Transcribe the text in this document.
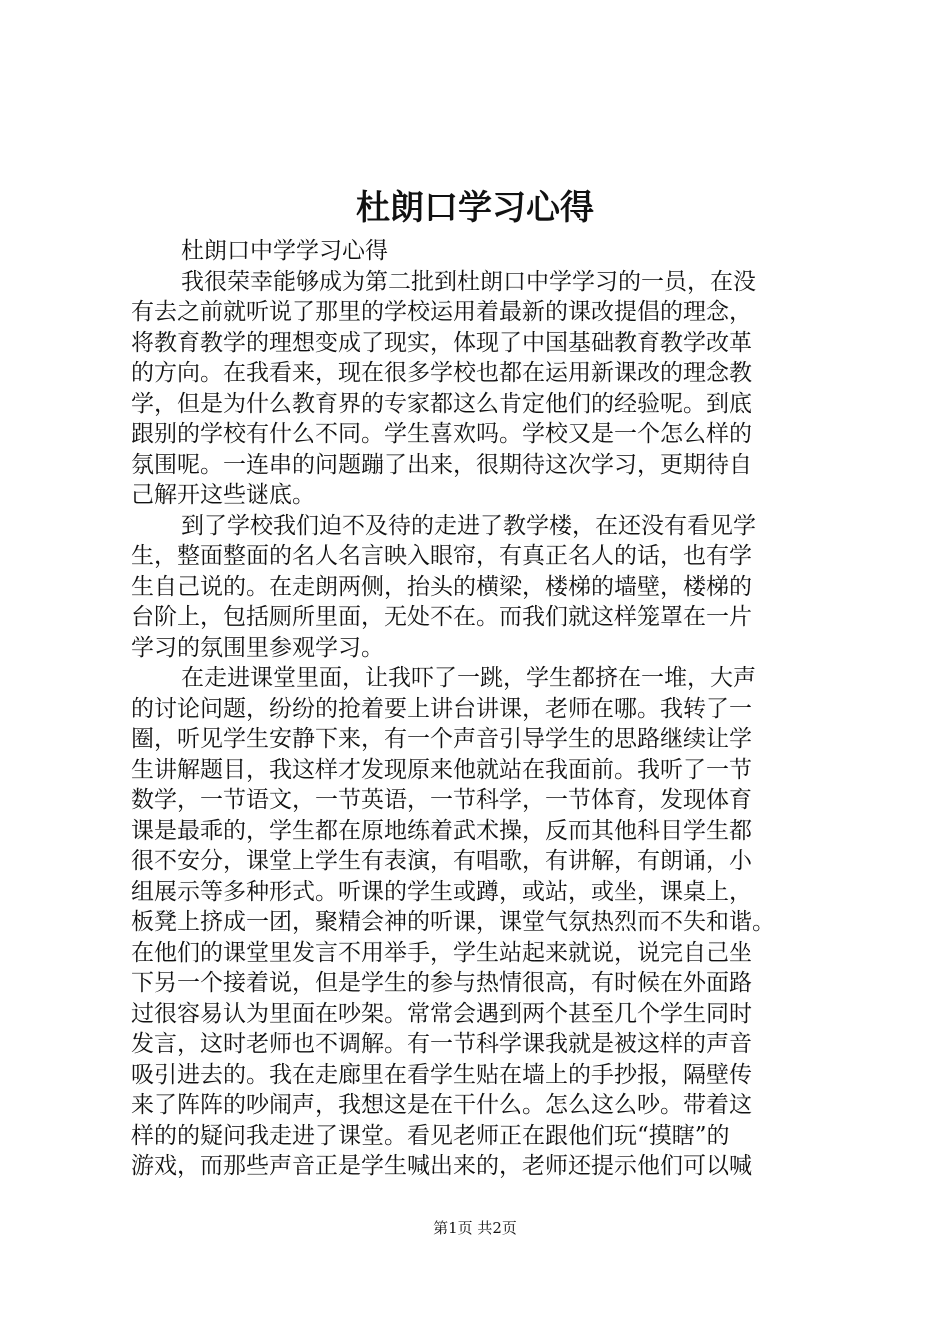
杜朗口学习心得
杜朗口中学学习心得
我很荣幸能够成为第二批到杜朗口中学学习的一员，在没
有去之前就听说了那里的学校运用着最新的课改提倡的理念，
将教育教学的理想变成了现实，体现了中国基础教育教学改革
的方向。在我看来，现在很多学校也都在运用新课改的理念教
学，但是为什么教育界的专家都这么肯定他们的经验呢。到底
跟别的学校有什么不同。学生喜欢吗。学校又是一个怎么样的
氛围呢。一连串的问题蹦了出来，很期待这次学习，更期待自
己解开这些谜底。
到了学校我们迫不及待的走进了教学楼，在还没有看见学
生，整面整面的名人名言映入眼帘，有真正名人的话，也有学
生自己说的。在走朗两侧，抬头的横梁，楼梯的墙壁，楼梯的
台阶上，包括厕所里面，无处不在。而我们就这样笼罩在一片
学习的氛围里参观学习。
在走进课堂里面，让我吓了一跳，学生都挤在一堆，大声
的讨论问题，纷纷的抢着要上讲台讲课，老师在哪。我转了一
圈，听见学生安静下来，有一个声音引导学生的思路继续让学
生讲解题目，我这样才发现原来他就站在我面前。我听了一节
数学，一节语文，一节英语，一节科学，一节体育，发现体育
课是最乖的，学生都在原地练着武术操，反而其他科目学生都
很不安分，课堂上学生有表演，有唱歌，有讲解，有朗诵，小
组展示等多种形式。听课的学生或蹲，或站，或坐，课桌上，
板凳上挤成一团，聚精会神的听课，课堂气氛热烈而不失和谐。
在他们的课堂里发言不用举手，学生站起来就说，说完自己坐
下另一个接着说，但是学生的参与热情很高，有时候在外面路
过很容易认为里面在吵架。常常会遇到两个甚至几个学生同时
发言，这时老师也不调解。有一节科学课我就是被这样的声音
吸引进去的。我在走廊里在看学生贴在墙上的手抄报，隔壁传
来了阵阵的吵闹声，我想这是在干什么。怎么这么吵。带着这
样的的疑问我走进了课堂。看见老师正在跟他们玩“摸瞎”的
游戏，而那些声音正是学生喊出来的，老师还提示他们可以喊
第1页 共2页
